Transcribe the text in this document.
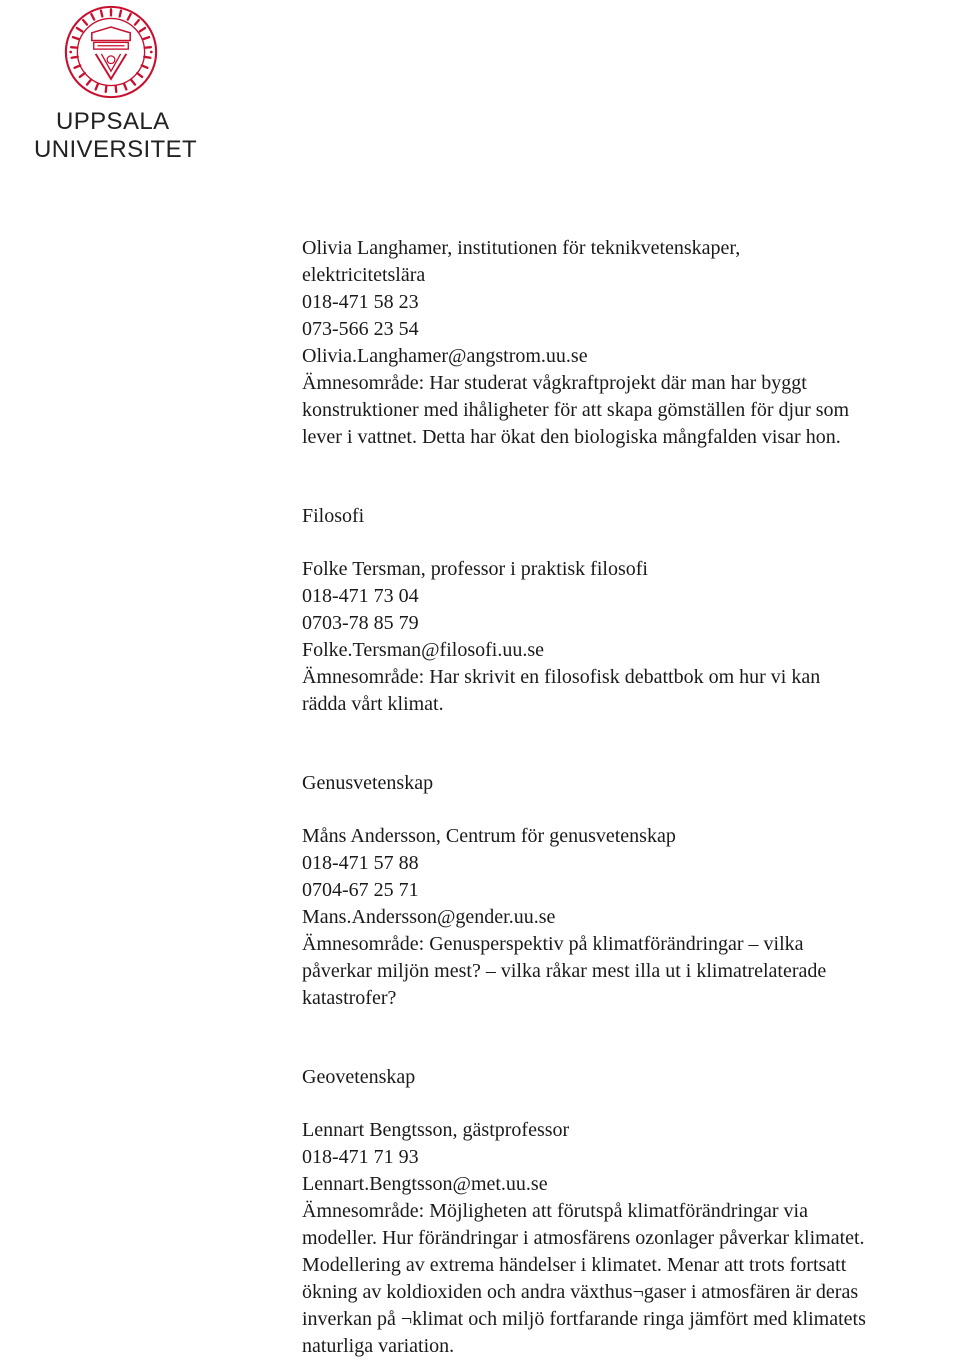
UPPSALA
UNIVERSITET
Olivia Langhamer, institutionen för teknikvetenskaper,
elektricitetslära
018-471 58 23
073-566 23 54
Olivia.Langhamer@angstrom.uu.se
Ämnesområde: Har studerat vågkraftprojekt där man har byggt
konstruktioner med ihåligheter för att skapa gömställen för djur som
lever i vattnet. Detta har ökat den biologiska mångfalden visar hon.
Filosofi
Folke Tersman, professor i praktisk filosofi
018-471 73 04
0703-78 85 79
Folke.Tersman@filosofi.uu.se
Ämnesområde: Har skrivit en filosofisk debattbok om hur vi kan
rädda vårt klimat.
Genusvetenskap
Måns Andersson, Centrum för genusvetenskap
018-471 57 88
0704-67 25 71
Mans.Andersson@gender.uu.se
Ämnesområde: Genusperspektiv på klimatförändringar – vilka
påverkar miljön mest? – vilka råkar mest illa ut i klimatrelaterade
katastrofer?
Geovetenskap
Lennart Bengtsson, gästprofessor
018-471 71 93
Lennart.Bengtsson@met.uu.se
Ämnesområde: Möjligheten att förutspå klimatförändringar via
modeller. Hur förändringar i atmosfärens ozonlager påverkar klimatet.
Modellering av extrema händelser i klimatet. Menar att trots fortsatt
ökning av koldioxiden och andra växthus¬gaser i atmosfären är deras
inverkan på ¬klimat och miljö fortfarande ringa jämfört med klimatets
naturliga variation.
